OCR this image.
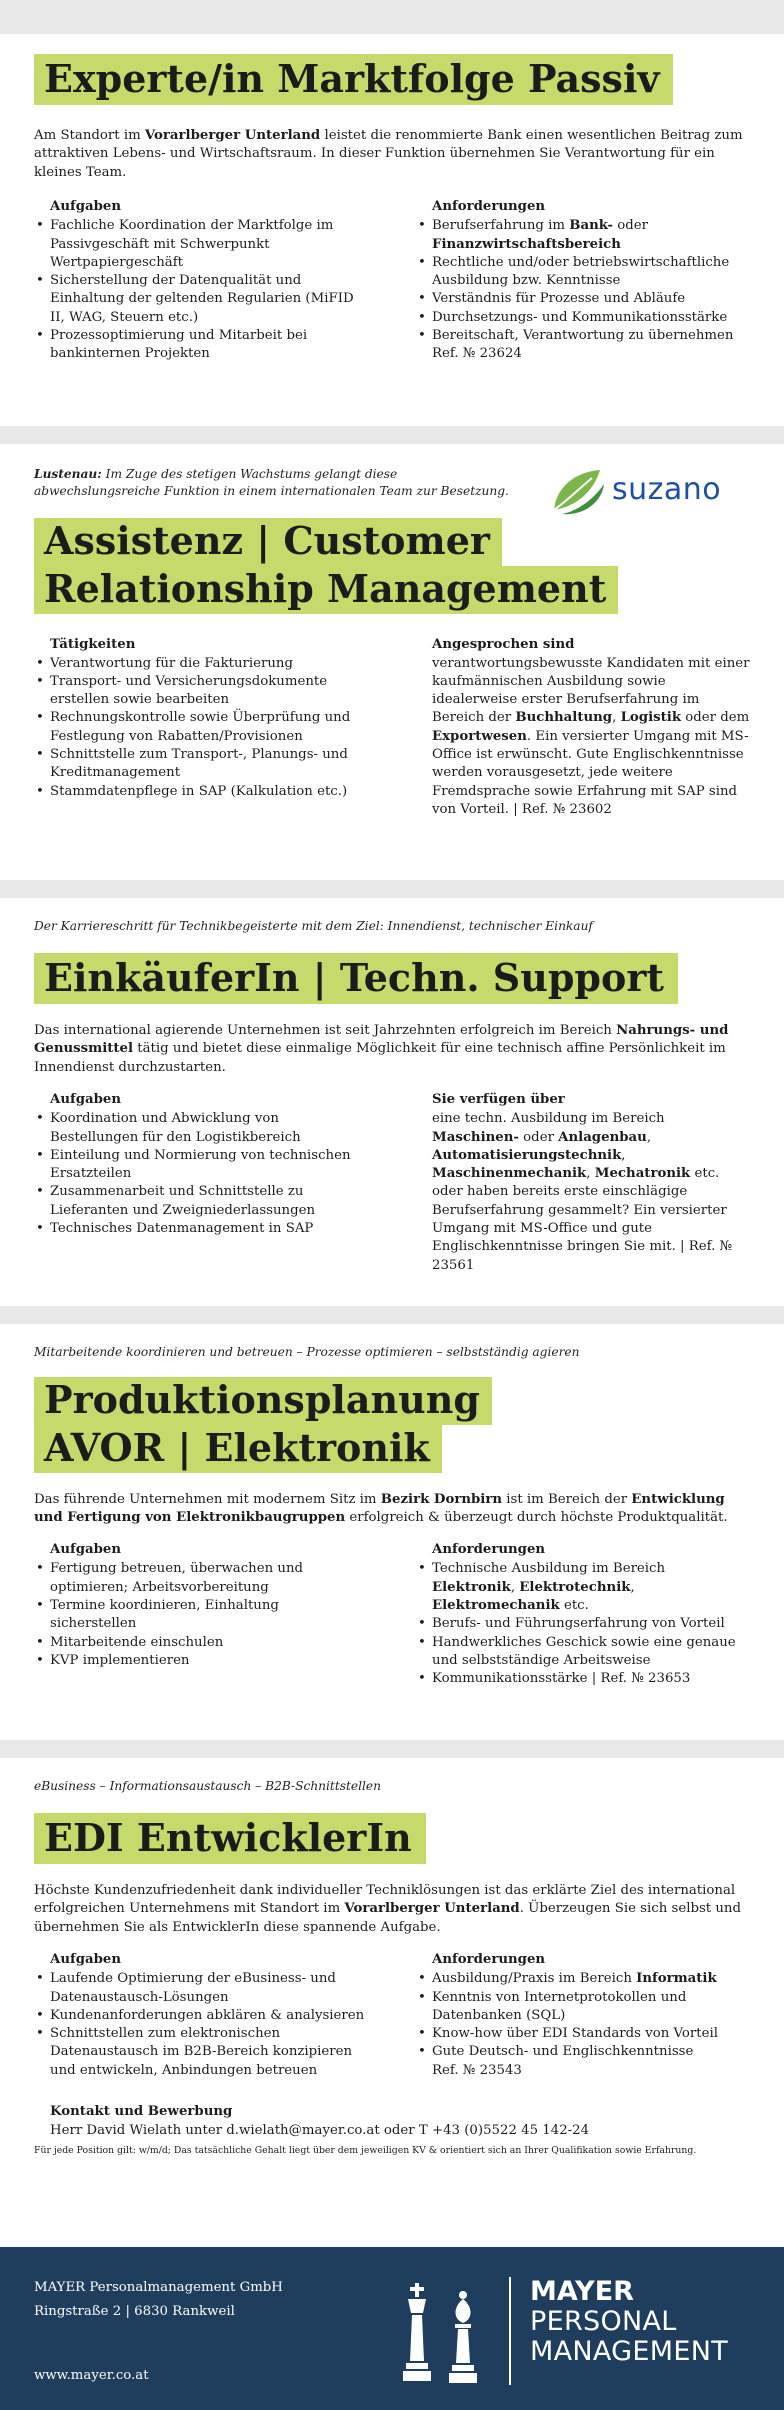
Experte/in Marktfolge Passiv

Am Standort im Vorarlberger Unterland leistet die renommierte Bank einen wesentlichen Beitrag zum attraktiven Lebens- und Wirtschaftsraum. In dieser Funktion übernehmen Sie Verantwortung für ein kleines Team.

Aufgaben
• Fachliche Koordination der Marktfolge im Passivgeschäft mit Schwerpunkt Wertpapiergeschäft
• Sicherstellung der Datenqualität und Einhaltung der geltenden Regularien (MiFID II, WAG, Steuern etc.)
• Prozessoptimierung und Mitarbeit bei bankinternen Projekten
Anforderungen
• Berufserfahrung im Bank- oder Finanzwirtschaftsbereich
• Rechtliche und/oder betriebswirtschaftliche Ausbildung bzw. Kenntnisse
• Verständnis für Prozesse und Abläufe
• Durchsetzungs- und Kommunikationsstärke
• Bereitschaft, Verantwortung zu übernehmen

Ref. № 23624

Lustenau: Im Zuge des stetigen Wachstums gelangt diese abwechslungsreiche Funktion in einem internationalen Team zur Besetzung.	suzano
Assistenz | Customer
Relationship Management
Tätigkeiten
• Verantwortung für die Fakturierung
• Transport- und Versicherungsdokumente erstellen sowie bearbeiten
• Rechnungskontrolle sowie Überprüfung und Festlegung von Rabatten/Provisionen
• Schnittstelle zum Transport-, Planungs- und Kreditmanagement
• Stammdatenpflege in SAP (Kalkulation etc.)
Angesprochen sind

verantwortungsbewusste Kandidaten mit einer kaufmännischen Ausbildung sowie idealerweise erster Berufserfahrung im Bereich der Buchhaltung, Logistik oder dem Exportwesen. Ein versierter Umgang mit MS-Office ist erwünscht. Gute Englischkenntnisse werden vorausgesetzt, jede weitere Fremdsprache sowie Erfahrung mit SAP sind von Vorteil. | Ref. № 23602

Der Karriereschritt für Technikbegeisterte mit dem Ziel: Innendienst, technischer Einkauf

EinkäuferIn | Techn. Support

Das international agierende Unternehmen ist seit Jahrzehnten erfolgreich im Bereich Nahrungs- und Genussmittel tätig und bietet diese einmalige Möglichkeit für eine technisch affine Persönlichkeit im Innendienst durchzustarten.

Aufgaben
• Koordination und Abwicklung von Bestellungen für den Logistikbereich
• Einteilung und Normierung von technischen Ersatzteilen
• Zusammenarbeit und Schnittstelle zu Lieferanten und Zweigniederlassungen
• Technisches Datenmanagement in SAP
Sie verfügen über

eine techn. Ausbildung im Bereich Maschinen- oder Anlagenbau, Automatisierungstechnik, Maschinenmechanik, Mechatronik etc. oder haben bereits erste einschlägige Berufserfahrung gesammelt? Ein versierter Umgang mit MS-Office und gute Englischkenntnisse bringen Sie mit. | Ref. № 23561

Mitarbeitende koordinieren und betreuen – Prozesse optimieren – selbstständig agieren

Produktionsplanung
AVOR | Elektronik

Das führende Unternehmen mit modernem Sitz im Bezirk Dornbirn ist im Bereich der Entwicklung und Fertigung von Elektronikbaugruppen erfolgreich & überzeugt durch höchste Produktqualität.

Aufgaben
• Fertigung betreuen, überwachen und optimieren; Arbeitsvorbereitung
• Termine koordinieren, Einhaltung sicherstellen
• Mitarbeitende einschulen
• KVP implementieren
Anforderungen
• Technische Ausbildung im Bereich Elektronik, Elektrotechnik, Elektromechanik etc.
• Berufs- und Führungserfahrung von Vorteil
• Handwerkliches Geschick sowie eine genaue und selbstständige Arbeitsweise
• Kommunikationsstärke | Ref. № 23653

eBusiness – Informationsaustausch – B2B-Schnittstellen

EDI EntwicklerIn

Höchste Kundenzufriedenheit dank individueller Techniklösungen ist das erklärte Ziel des international erfolgreichen Unternehmens mit Standort im Vorarlberger Unterland. Überzeugen Sie sich selbst und übernehmen Sie als EntwicklerIn diese spannende Aufgabe.

Aufgaben
• Laufende Optimierung der eBusiness- und Datenaustausch-Lösungen
• Kundenanforderungen abklären & analysieren
• Schnittstellen zum elektronischen Datenaustausch im B2B-Bereich konzipieren und entwickeln, Anbindungen betreuen
Anforderungen
• Ausbildung/Praxis im Bereich Informatik
• Kenntnis von Internetprotokollen und Datenbanken (SQL)
• Know-how über EDI Standards von Vorteil
• Gute Deutsch- und Englischkenntnisse

Ref. № 23543

Kontakt und Bewerbung
Herr David Wielath unter d.wielath@mayer.co.at oder T +43 (0)5522 45 142-24
Für jede Position gilt: w/m/d; Das tatsächliche Gehalt liegt über dem jeweiligen KV & orientiert sich an Ihrer Qualifikation sowie Erfahrung.
MAYER Personalmanagement GmbH
Ringstraße 2 | 6830 Rankweil
www.mayer.co.at
MAYER
PERSONAL
MANAGEMENT
